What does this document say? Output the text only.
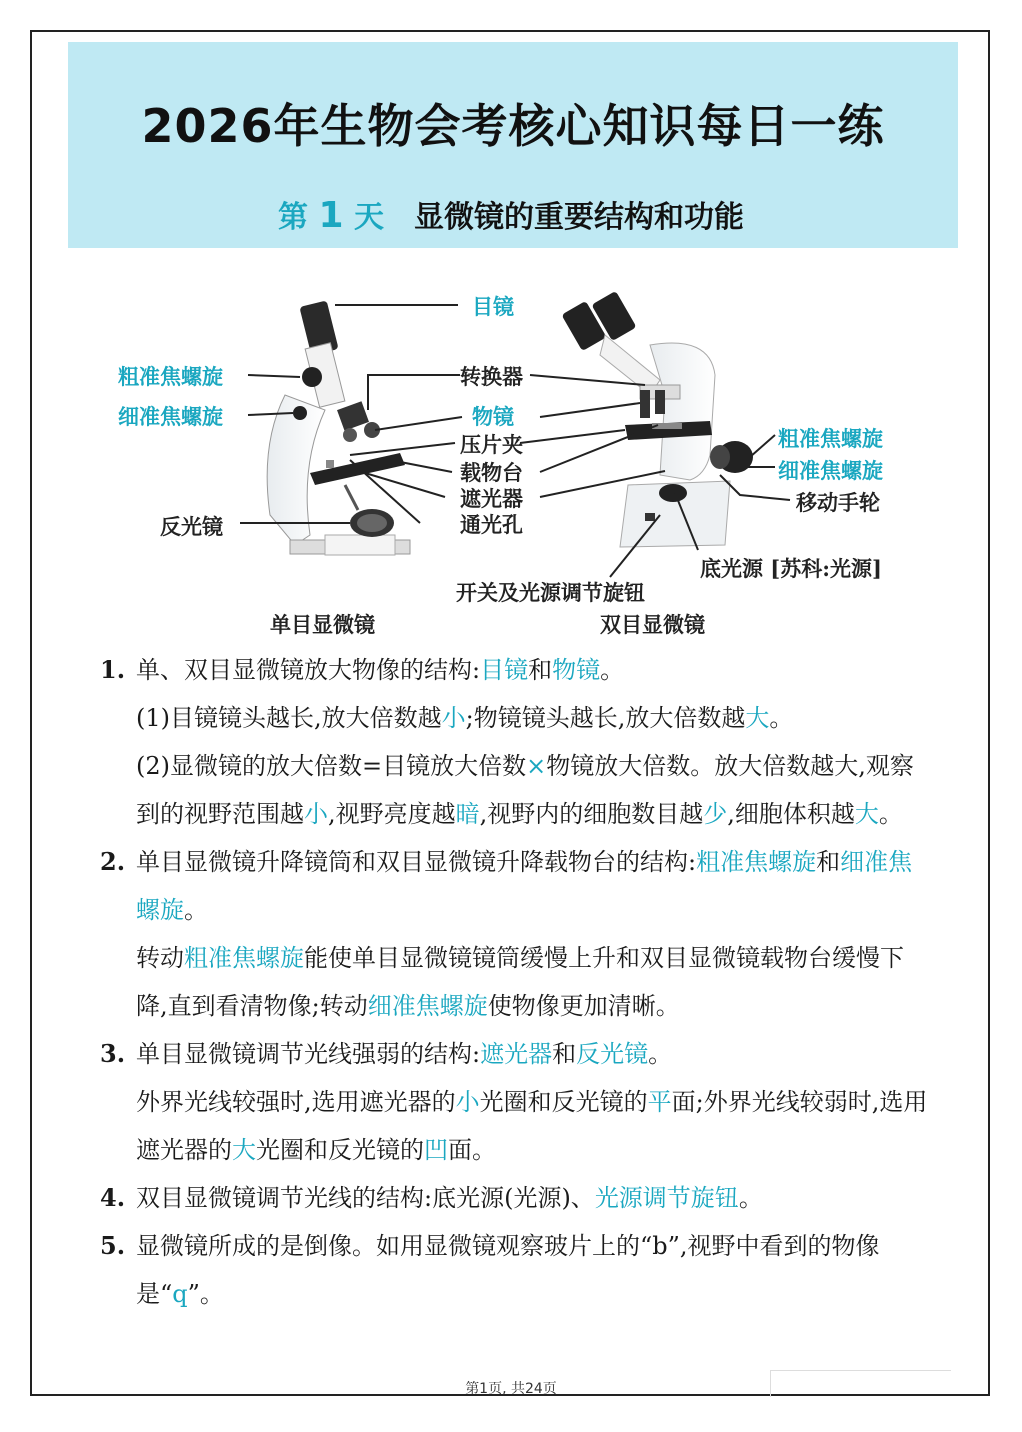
2026年生物会考核心知识每日一练
第 1 天 显微镜的重要结构和功能
目镜
粗准焦螺旋
细准焦螺旋
转换器
物镜
压片夹
载物台
遮光器
通光孔
反光镜
粗准焦螺旋
细准焦螺旋
移动手轮
底光源 [苏科:光源]
开关及光源调节旋钮
单目显微镜	双目显微镜
1. 单、双目显微镜放大物像的结构:目镜和物镜。
(1)目镜镜头越长,放大倍数越小;物镜镜头越长,放大倍数越大。
(2)显微镜的放大倍数=目镜放大倍数×物镜放大倍数。放大倍数越大,观察到的视野范围越小,视野亮度越暗,视野内的细胞数目越少,细胞体积越大。
2. 单目显微镜升降镜筒和双目显微镜升降载物台的结构:粗准焦螺旋和细准焦螺旋。
转动粗准焦螺旋能使单目显微镜镜筒缓慢上升和双目显微镜载物台缓慢下降,直到看清物像;转动细准焦螺旋使物像更加清晰。
3. 单目显微镜调节光线强弱的结构:遮光器和反光镜。
外界光线较强时,选用遮光器的小光圈和反光镜的平面;外界光线较弱时,选用遮光器的大光圈和反光镜的凹面。
4. 双目显微镜调节光线的结构:底光源(光源)、光源调节旋钮。
5. 显微镜所成的是倒像。如用显微镜观察玻片上的“b”,视野中看到的物像是“q”。
第1页, 共24页
